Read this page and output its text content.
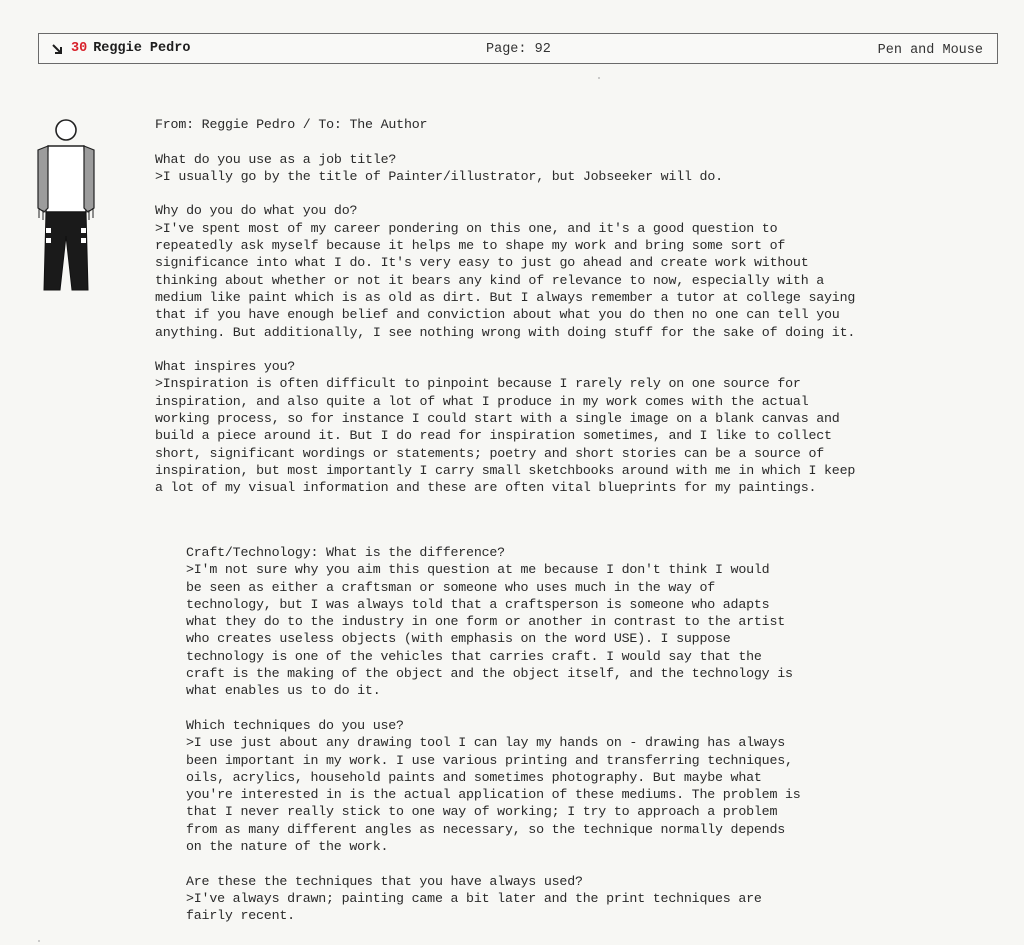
30 Reggie Pedro	Page: 92	Pen and Mouse
From: Reggie Pedro / To: The Author
What do you use as a job title?
>I usually go by the title of Painter/illustrator, but Jobseeker will do.
Why do you do what you do?
>I've spent most of my career pondering on this one, and it's a good question to
repeatedly ask myself because it helps me to shape my work and bring some sort of
significance into what I do. It's very easy to just go ahead and create work without
thinking about whether or not it bears any kind of relevance to now, especially with a
medium like paint which is as old as dirt. But I always remember a tutor at college saying
that if you have enough belief and conviction about what you do then no one can tell you
anything. But additionally, I see nothing wrong with doing stuff for the sake of doing it.
What inspires you?
>Inspiration is often difficult to pinpoint because I rarely rely on one source for
inspiration, and also quite a lot of what I produce in my work comes with the actual
working process, so for instance I could start with a single image on a blank canvas and
build a piece around it. But I do read for inspiration sometimes, and I like to collect
short, significant wordings or statements; poetry and short stories can be a source of
inspiration, but most importantly I carry small sketchbooks around with me in which I keep
a lot of my visual information and these are often vital blueprints for my paintings.
Craft/Technology: What is the difference?
>I'm not sure why you aim this question at me because I don't think I would
be seen as either a craftsman or someone who uses much in the way of
technology, but I was always told that a craftsperson is someone who adapts
what they do to the industry in one form or another in contrast to the artist
who creates useless objects (with emphasis on the word USE). I suppose
technology is one of the vehicles that carries craft. I would say that the
craft is the making of the object and the object itself, and the technology is
what enables us to do it.
Which techniques do you use?
>I use just about any drawing tool I can lay my hands on - drawing has always
been important in my work. I use various printing and transferring techniques,
oils, acrylics, household paints and sometimes photography. But maybe what
you're interested in is the actual application of these mediums. The problem is
that I never really stick to one way of working; I try to approach a problem
from as many different angles as necessary, so the technique normally depends
on the nature of the work.
Are these the techniques that you have always used?
>I've always drawn; painting came a bit later and the print techniques are
fairly recent.
